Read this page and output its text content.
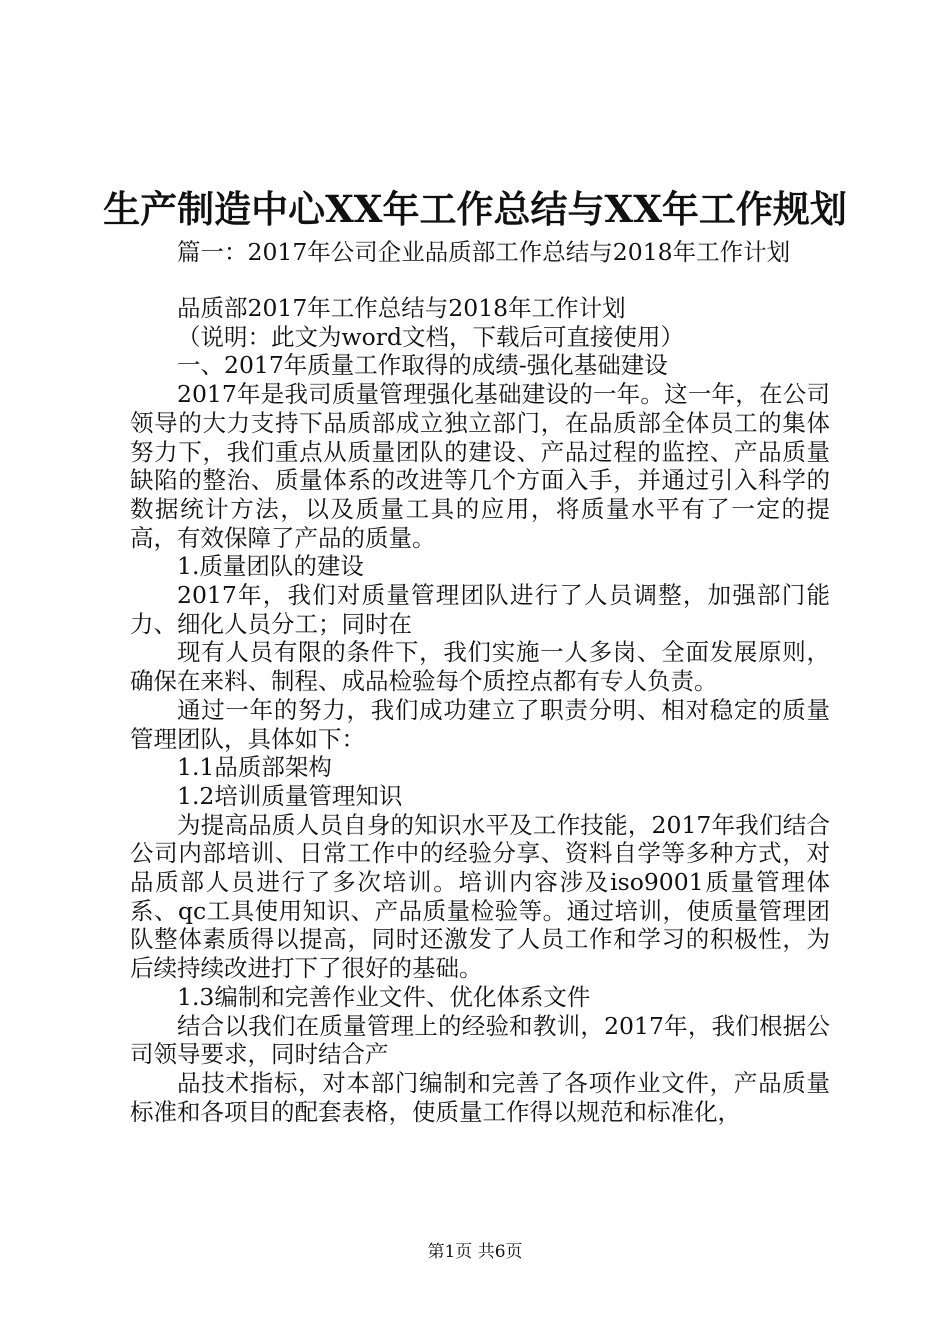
生产制造中心XX年工作总结与XX年工作规划
篇一：2017年公司企业品质部工作总结与2018年工作计划

品质部2017年工作总结与2018年工作计划

（说明：此文为word文档，下载后可直接使用）

一、2017年质量工作取得的成绩-强化基础建设

2017年是我司质量管理强化基础建设的一年。这一年，在公司领导的大力支持下品质部成立独立部门，在品质部全体员工的集体努力下，我们重点从质量团队的建设、产品过程的监控、产品质量缺陷的整治、质量体系的改进等几个方面入手，并通过引入科学的数据统计方法，以及质量工具的应用，将质量水平有了一定的提高，有效保障了产品的质量。

1.质量团队的建设

2017年，我们对质量管理团队进行了人员调整，加强部门能力、细化人员分工；同时在

现有人员有限的条件下，我们实施一人多岗、全面发展原则，确保在来料、制程、成品检验每个质控点都有专人负责。

通过一年的努力，我们成功建立了职责分明、相对稳定的质量管理团队，具体如下：

1.1品质部架构

1.2培训质量管理知识

为提高品质人员自身的知识水平及工作技能，2017年我们结合公司内部培训、日常工作中的经验分享、资料自学等多种方式，对品质部人员进行了多次培训。培训内容涉及iso9001质量管理体系、qc工具使用知识、产品质量检验等。通过培训，使质量管理团队整体素质得以提高，同时还激发了人员工作和学习的积极性，为后续持续改进打下了很好的基础。

1.3编制和完善作业文件、优化体系文件

结合以我们在质量管理上的经验和教训，2017年，我们根据公司领导要求，同时结合产

品技术指标，对本部门编制和完善了各项作业文件，产品质量标准和各项目的配套表格，使质量工作得以规范和标准化，

第1页 共6页
